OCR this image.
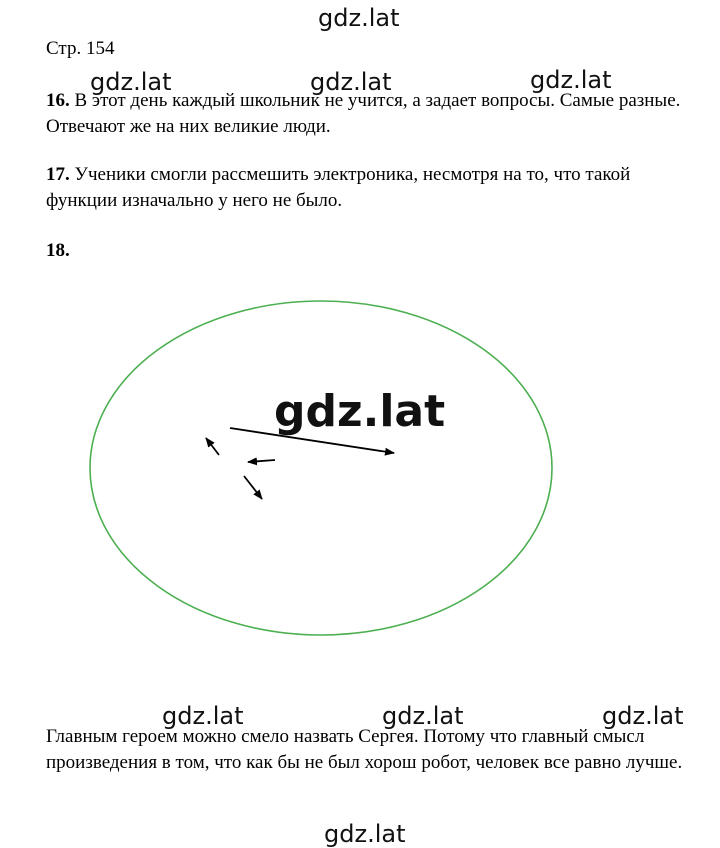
gdz.lat
gdz.lat	gdz.lat	gdz.lat

Стр. 154

16. В этот день каждый школьник не учится, а задает вопросы. Самые разные. Отвечают же на них великие люди.

17. Ученики смогли рассмешить электроника, несмотря на то, что такой функции изначально у него не было.

18.

gdz.lat
gdz.lat	gdz.lat	gdz.lat

Главным героем можно смело назвать Сергея. Потому что главный смысл произведения в том, что как бы не был хорош робот, человек все равно лучше.

gdz.lat
